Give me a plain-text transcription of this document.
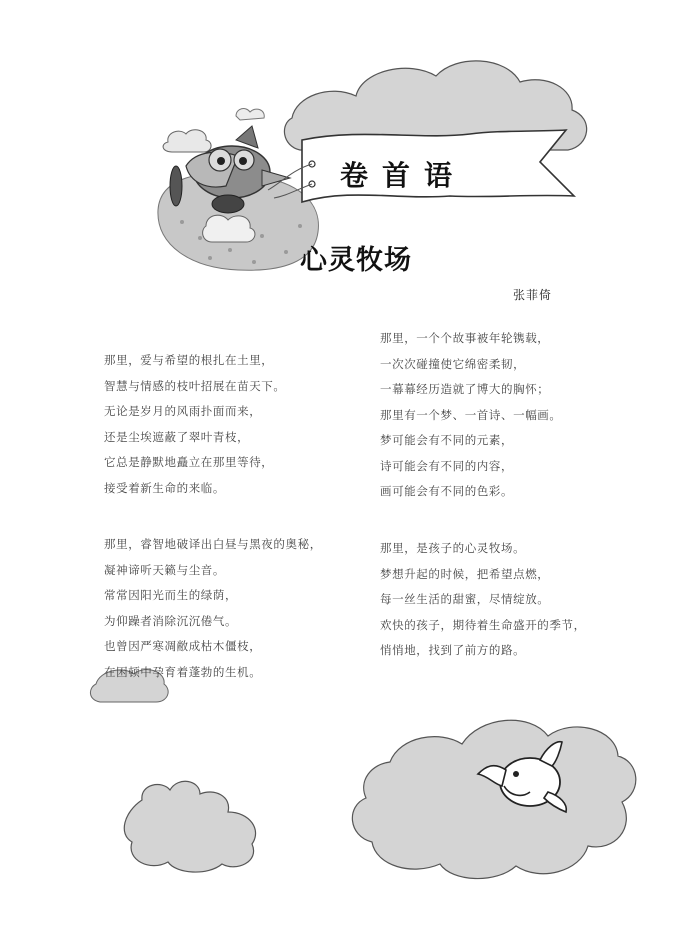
卷首语
心灵牧场
张菲倚
那里，爱与希望的根扎在土里，
智慧与情感的枝叶招展在苗天下。
无论是岁月的风雨扑面而来，
还是尘埃遮蔽了翠叶青枝，
它总是静默地矗立在那里等待，
接受着新生命的来临。
那里，睿智地破译出白昼与黑夜的奥秘，
凝神谛听天籁与尘音。
常常因阳光而生的绿荫，
为仰躁者消除沉沉倦气。
也曾因严寒凋敝成枯木僵枝，
在困顿中孕育着蓬勃的生机。
那里，一个个故事被年轮镌载，
一次次碰撞使它绵密柔韧，
一幕幕经历造就了博大的胸怀；
那里有一个梦、一首诗、一幅画。
梦可能会有不同的元素，
诗可能会有不同的内容，
画可能会有不同的色彩。
那里，是孩子的心灵牧场。
梦想升起的时候，把希望点燃，
每一丝生活的甜蜜，尽情绽放。
欢快的孩子，期待着生命盛开的季节，
悄悄地，找到了前方的路。
